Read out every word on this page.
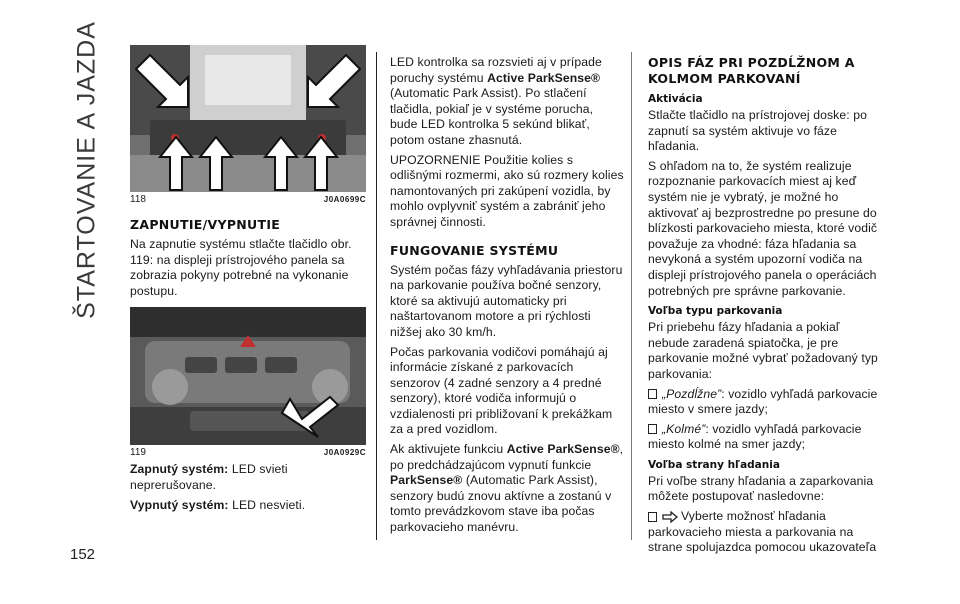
ŠTARTOVANIE A JAZDA
152
118	J0A0699C
ZAPNUTIE/VYPNUTIE

Na zapnutie systému stlačte tlačidlo obr. 119: na displeji prístrojového panela sa zobrazia pokyny potrebné na vykonanie postupu.

119	J0A0929C

Zapnutý systém: LED svieti neprerušovane.

Vypnutý systém: LED nesvieti.

LED kontrolka sa rozsvieti aj v prípade poruchy systému Active ParkSense® (Automatic Park Assist). Po stlačení tlačidla, pokiaľ je v systéme porucha, bude LED kontrolka 5 sekúnd blikať, potom ostane zhasnutá.

UPOZORNENIE Použitie kolies s odlišnými rozmermi, ako sú rozmery kolies namontovaných pri zakúpení vozidla, by mohlo ovplyvniť systém a zabrániť jeho správnej činnosti.

FUNGOVANIE SYSTÉMU

Systém počas fázy vyhľadávania priestoru na parkovanie používa bočné senzory, ktoré sa aktivujú automaticky pri naštartovanom motore a pri rýchlosti nižšej ako 30 km/h.

Počas parkovania vodičovi pomáhajú aj informácie získané z parkovacích senzorov (4 zadné senzory a 4 predné senzory), ktoré vodiča informujú o vzdialenosti pri približovaní k prekážkam za a pred vozidlom.

Ak aktivujete funkciu Active ParkSense®, po predchádzajúcom vypnutí funkcie ParkSense® (Automatic Park Assist), senzory budú znovu aktívne a zostanú v tomto prevádzkovom stave iba počas parkovacieho manévru.

OPIS FÁZ PRI POZDĹŽNOM A KOLMOM PARKOVANÍ
Aktivácia

Stlačte tlačidlo na prístrojovej doske: po zapnutí sa systém aktivuje vo fáze hľadania.

S ohľadom na to, že systém realizuje rozpoznanie parkovacích miest aj keď systém nie je vybratý, je možné ho aktivovať aj bezprostredne po presune do blízkosti parkovacieho miesta, ktoré vodič považuje za vhodné: fáza hľadania sa nevykoná a systém upozorní vodiča na displeji prístrojového panela o operáciách potrebných pre správne parkovanie.

Voľba typu parkovania

Pri priebehu fázy hľadania a pokiaľ nebude zaradená spiatočka, je pre parkovanie možné vybrať požadovaný typ parkovania:

„Pozdĺžne”: vozidlo vyhľadá parkovacie miesto v smere jazdy;

„Kolmé”: vozidlo vyhľadá parkovacie miesto kolmé na smer jazdy;

Voľba strany hľadania

Pri voľbe strany hľadania a zaparkovania môžete postupovať nasledovne:

Vyberte možnosť hľadania parkovacieho miesta a parkovania na strane spolujazdca pomocou ukazovateľa
